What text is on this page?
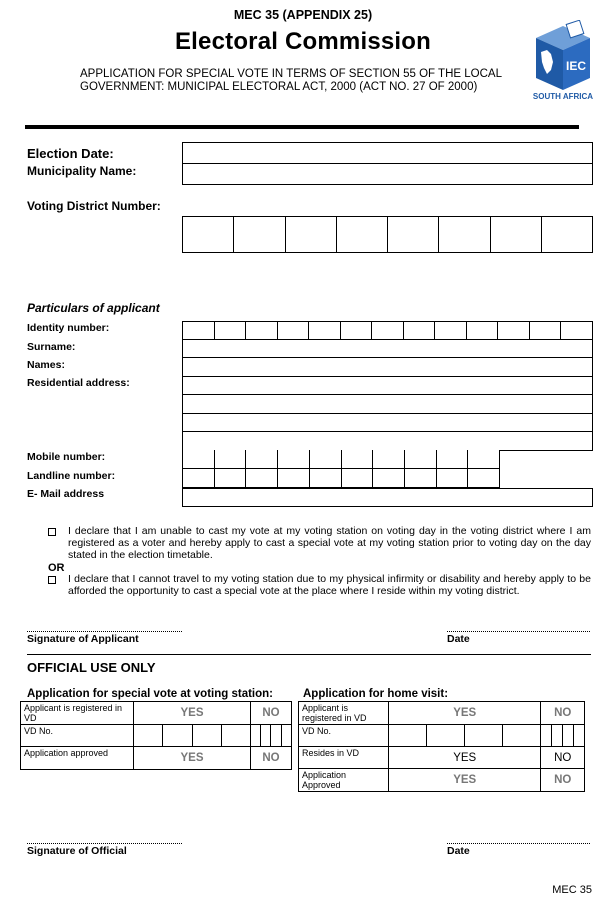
MEC 35 (APPENDIX 25)
Electoral Commission
APPLICATION FOR SPECIAL VOTE IN TERMS OF SECTION 55 OF THE LOCAL
GOVERNMENT: MUNICIPAL ELECTORAL ACT, 2000 (ACT NO. 27 OF 2000)
IEC
SOUTH AFRICA
Election Date:
Municipality Name:
Voting District Number:
Particulars of applicant
Identity number:
Surname:
Names:
Residential address:
Mobile number:
Landline number:
E- Mail address
I declare that I am unable to cast my vote at my voting station on voting day in the voting district where I am registered as a voter and hereby apply to cast a special vote at my voting station prior to voting day on the day stated in the election timetable.
OR
I declare that I cannot travel to my voting station due to my physical infirmity or disability and hereby apply to be afforded the opportunity to cast a special vote at the place where I reside within my voting district.
Signature of Applicant	Date
OFFICIAL USE ONLY
Application for special vote at voting station:	Application for home visit:
Applicant is registered in VD	YES				NO			
VD No.								
Application approved	YES				NO			
Applicant is registered in VD	YES				NO			
VD No.								
Resides in VD	YES				NO			
Application Approved	YES				NO			
Signature of Official	Date
MEC 35
